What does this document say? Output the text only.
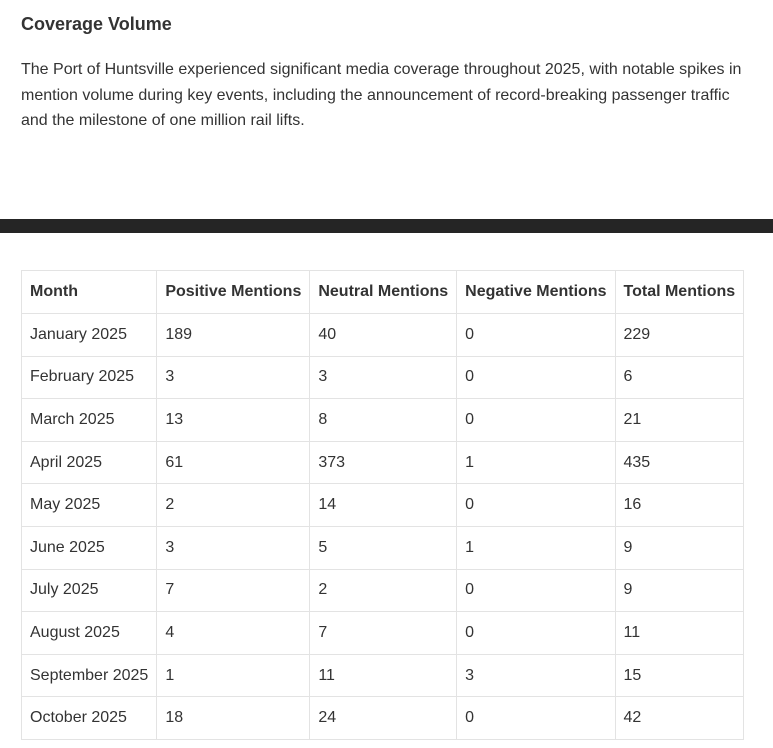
Coverage Volume

The Port of Huntsville experienced significant media coverage throughout 2025, with notable spikes in mention volume during key events, including the announcement of record-breaking passenger traffic and the milestone of one million rail lifts.

Month	Positive Mentions	Neutral Mentions	Negative Mentions	Total Mentions
January 2025	189	40	0	229
February 2025	3	3	0	6
March 2025	13	8	0	21
April 2025	61	373	1	435
May 2025	2	14	0	16
June 2025	3	5	1	9
July 2025	7	2	0	9
August 2025	4	7	0	11
September 2025	1	11	3	15
October 2025	18	24	0	42
